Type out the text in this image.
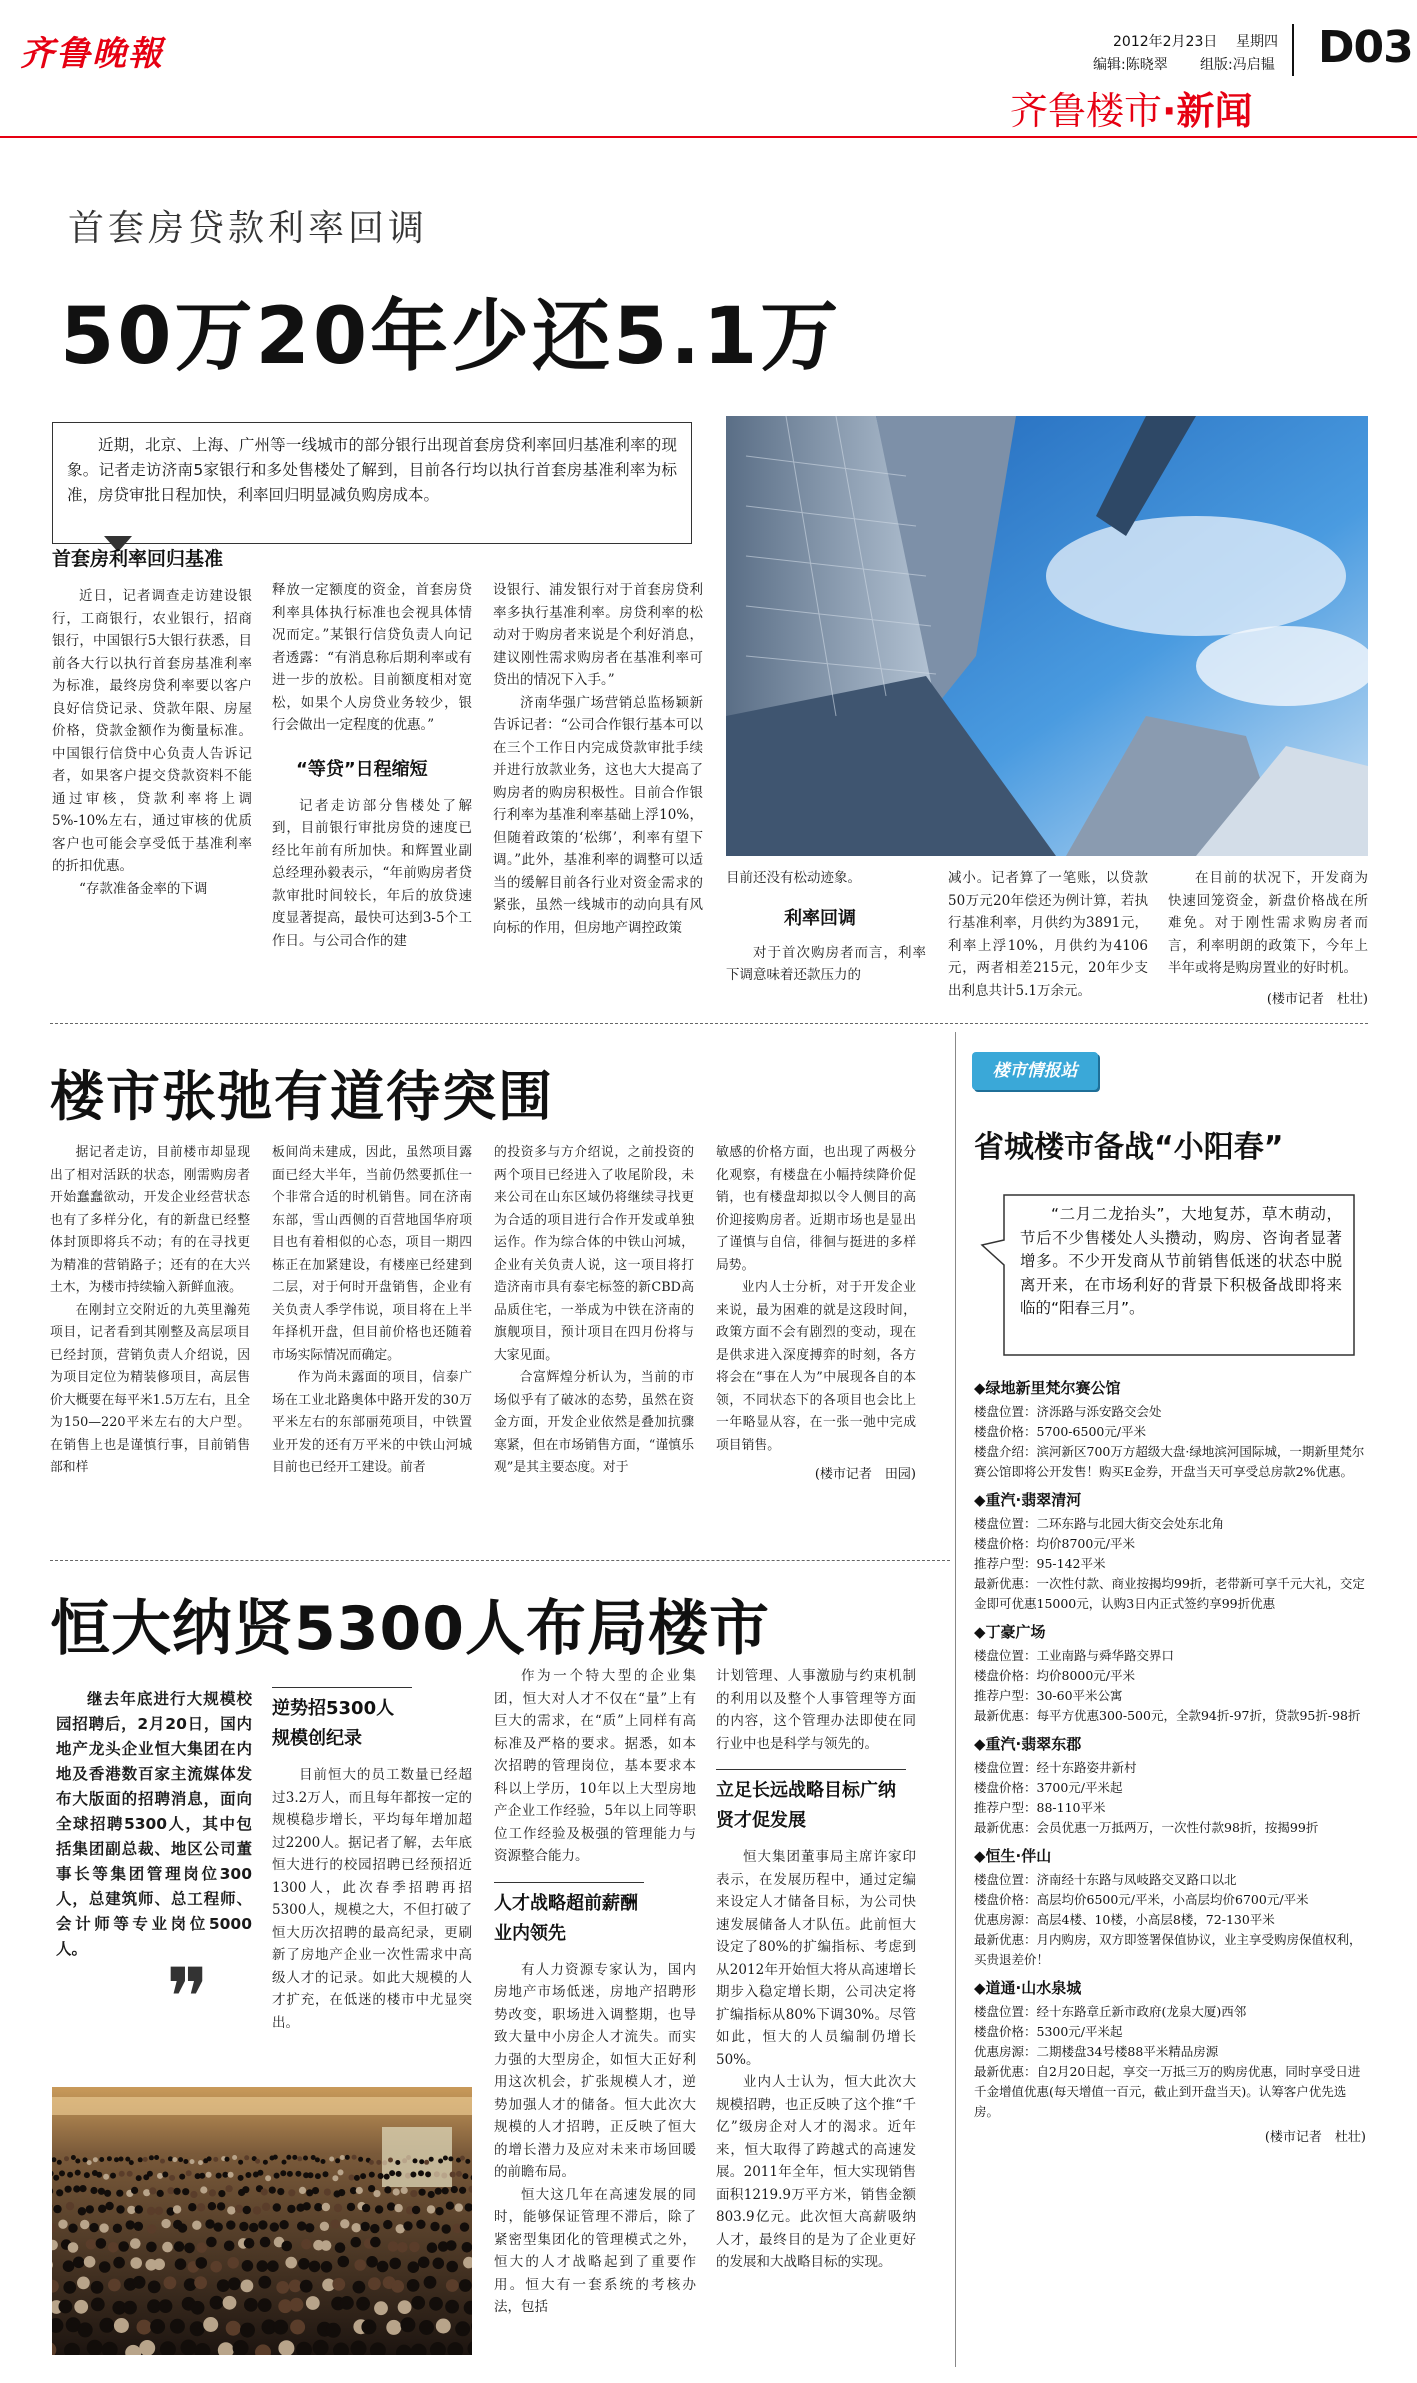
齐鲁晚報	2012年2月23日 星期四
编辑:陈晓翠 组版:冯启韫 D03
齐鲁楼市·新闻
首套房贷款利率回调
50万20年少还5.1万

近期，北京、上海、广州等一线城市的部分银行出现首套房贷利率回归基准利率的现象。记者走访济南5家银行和多处售楼处了解到，目前各行均以执行首套房基准利率为标准，房贷审批日程加快，利率回归明显减负购房成本。

首套房利率回归基准

近日，记者调查走访建设银行，工商银行，农业银行，招商银行，中国银行5大银行获悉，目前各大行以执行首套房基准利率为标准，最终房贷利率要以客户良好信贷记录、贷款年限、房屋价格，贷款金额作为衡量标准。中国银行信贷中心负责人告诉记者，如果客户提交贷款资料不能通过审核，贷款利率将上调5%-10%左右，通过审核的优质客户也可能会享受低于基准利率的折扣优惠。

“存款准备金率的下调

释放一定额度的资金，首套房贷利率具体执行标准也会视具体情况而定。”某银行信贷负责人向记者透露：“有消息称后期利率或有进一步的放松。目前额度相对宽松，如果个人房贷业务较少，银行会做出一定程度的优惠。”

“等贷”日程缩短

记者走访部分售楼处了解到，目前银行审批房贷的速度已经比年前有所加快。和辉置业副总经理孙毅表示，“年前购房者贷款审批时间较长，年后的放贷速度显著提高，最快可达到3-5个工作日。与公司合作的建

设银行、浦发银行对于首套房贷利率多执行基准利率。房贷利率的松动对于购房者来说是个利好消息，建议刚性需求购房者在基准利率可贷出的情况下入手。”

济南华强广场营销总监杨颖新告诉记者：“公司合作银行基本可以在三个工作日内完成贷款审批手续并进行放款业务，这也大大提高了购房者的购房积极性。目前合作银行利率为基准利率基础上浮10%，但随着政策的‘松绑’，利率有望下调。”此外，基准利率的调整可以适当的缓解目前各行业对资金需求的紧张，虽然一线城市的动向具有风向标的作用，但房地产调控政策

目前还没有松动迹象。

利率回调

对于首次购房者而言，利率下调意味着还款压力的

减小。记者算了一笔账，以贷款50万元20年偿还为例计算，若执行基准利率，月供约为3891元，利率上浮10%，月供约为4106元，两者相差215元，20年少支出利息共计5.1万余元。

在目前的状况下，开发商为快速回笼资金，新盘价格战在所难免。对于刚性需求购房者而言，利率明朗的政策下，今年上半年或将是购房置业的好时机。

(楼市记者　杜壮)
楼市张弛有道待突围

据记者走访，目前楼市却显现出了相对活跃的状态，刚需购房者开始蠢蠢欲动，开发企业经营状态也有了多样分化，有的新盘已经整体封顶即将兵不动；有的在寻找更为精准的营销路子；还有的在大兴土木，为楼市持续输入新鲜血液。

在刚封立交附近的九英里瀚苑项目，记者看到其刚整及高层项目已经封顶，营销负责人介绍说，因为项目定位为精装修项目，高层售价大概要在每平米1.5万左右，且全为150—220平米左右的大户型。在销售上也是谨慎行事，目前销售部和样

板间尚未建成，因此，虽然项目露面已经大半年，当前仍然要抓住一个非常合适的时机销售。同在济南东部，雪山西侧的百营地国华府项目也有着相似的心态，项目一期四栋正在加紧建设，有楼座已经建到二层，对于何时开盘销售，企业有关负责人季学伟说，项目将在上半年择机开盘，但目前价格也还随着市场实际情况而确定。

作为尚未露面的项目，信泰广场在工业北路奥体中路开发的30万平米左右的东部丽苑项目，中铁置业开发的还有万平米的中铁山河城目前也已经开工建设。前者

的投资多与方介绍说，之前投资的两个项目已经进入了收尾阶段，未来公司在山东区域仍将继续寻找更为合适的项目进行合作开发或单独运作。作为综合体的中铁山河城，企业有关负责人说，这一项目将打造济南市具有泰宅标签的新CBD高品质住宅，一举成为中铁在济南的旗舰项目，预计项目在四月份将与大家见面。

合富辉煌分析认为，当前的市场似乎有了破冰的态势，虽然在资金方面，开发企业依然是叠加抗骤寒紧，但在市场销售方面，“谨慎乐观”是其主要态度。对于

敏感的价格方面，也出现了两极分化观察，有楼盘在小幅持续降价促销，也有楼盘却拟以令人侧目的高价迎接购房者。近期市场也是显出了谨慎与自信，徘徊与挺进的多样局势。

业内人士分析，对于开发企业来说，最为困难的就是这段时间，政策方面不会有剧烈的变动，现在是供求进入深度搏弈的时刻，各方将会在“事在人为”中展现各自的本领，不同状态下的各项目也会比上一年略显从容，在一张一弛中完成项目销售。

(楼市记者　田园)
恒大纳贤5300人布局楼市

继去年底进行大规模校园招聘后，2月20日，国内地产龙头企业恒大集团在内地及香港数百家主流媒体发布大版面的招聘消息，面向全球招聘5300人，其中包括集团副总裁、地区公司董事长等集团管理岗位300人，总建筑师、总工程师、会计师等专业岗位5000人。

❞
逆势招5300人规模创纪录

目前恒大的员工数量已经超过3.2万人，而且每年都按一定的规模稳步增长，平均每年增加超过2200人。据记者了解，去年底恒大进行的校园招聘已经预招近1300人，此次春季招聘再招5300人，规模之大，不但打破了恒大历次招聘的最高纪录，更刷新了房地产企业一次性需求中高级人才的记录。如此大规模的人才扩充，在低迷的楼市中尤显突出。

作为一个特大型的企业集团，恒大对人才不仅在“量”上有巨大的需求，在“质”上同样有高标准及严格的要求。据悉，如本次招聘的管理岗位，基本要求本科以上学历，10年以上大型房地产企业工作经验，5年以上同等职位工作经验及极强的管理能力与资源整合能力。

人才战略超前薪酬业内领先

有人力资源专家认为，国内房地产市场低迷，房地产招聘形势改变，职场进入调整期，也导致大量中小房企人才流失。而实力强的大型房企，如恒大正好利用这次机会，扩张规模人才，逆势加强人才的储备。恒大此次大规模的人才招聘，正反映了恒大的增长潜力及应对未来市场回暖的前瞻布局。

恒大这几年在高速发展的同时，能够保证管理不滞后，除了紧密型集团化的管理模式之外，恒大的人才战略起到了重要作用。恒大有一套系统的考核办法，包括

计划管理、人事激励与约束机制的利用以及整个人事管理等方面的内容，这个管理办法即使在同行业中也是科学与领先的。

立足长远战略目标广纳贤才促发展

恒大集团董事局主席许家印表示，在发展历程中，通过定编来设定人才储备目标，为公司快速发展储备人才队伍。此前恒大设定了80%的扩编指标、考虑到从2012年开始恒大将从高速增长期步入稳定增长期，公司决定将扩编指标从80%下调30%。尽管如此，恒大的人员编制仍增长50%。

业内人士认为，恒大此次大规模招聘，也正反映了这个推“千亿”级房企对人才的渴求。近年来，恒大取得了跨越式的高速发展。2011年全年，恒大实现销售面积1219.9万平方米，销售金额803.9亿元。此次恒大高薪吸纳人才，最终目的是为了企业更好的发展和大战略目标的实现。

楼市情报站
省城楼市备战“小阳春”

“二月二龙抬头”，大地复苏，草木萌动，节后不少售楼处人头攒动，购房、咨询者显著增多。不少开发商从节前销售低迷的状态中脱离开来，在市场利好的背景下积极备战即将来临的“阳春三月”。

◆绿地新里梵尔赛公馆

楼盘位置：济泺路与泺安路交会处

楼盘价格：5700-6500元/平米

楼盘介绍：滨河新区700万方超级大盘·绿地滨河国际城，一期新里梵尔赛公馆即将公开发售！购买E金券，开盘当天可享受总房款2%优惠。

◆重汽·翡翠清河

楼盘位置：二环东路与北园大街交会处东北角

楼盘价格：均价8700元/平米

推荐户型：95-142平米

最新优惠：一次性付款、商业按揭均99折，老带新可享千元大礼，交定金即可优惠15000元，认购3日内正式签约享99折优惠

◆丁豪广场

楼盘位置：工业南路与舜华路交界口

楼盘价格：均价8000元/平米

推荐户型：30-60平米公寓

最新优惠：每平方优惠300-500元，全款94折-97折，贷款95折-98折

◆重汽·翡翠东郡

楼盘位置：经十东路姿井新村

楼盘价格：3700元/平米起

推荐户型：88-110平米

最新优惠：会员优惠一万抵两万，一次性付款98折，按揭99折

◆恒生·伴山

楼盘位置：济南经十东路与凤岐路交叉路口以北

楼盘价格：高层均价6500元/平米，小高层均价6700元/平米

优惠房源：高层4楼、10楼，小高层8楼，72-130平米

最新优惠：月内购房，双方即签署保值协议，业主享受购房保值权利，买贵退差价！

◆道通·山水泉城

楼盘位置：经十东路章丘新市政府(龙泉大厦)西邻

楼盘价格：5300元/平米起

优惠房源：二期楼盘34号楼88平米精品房源

最新优惠：自2月20日起，享交一万抵三万的购房优惠，同时享受日进千金增值优惠(每天增值一百元，截止到开盘当天)。认筹客户优先选房。

(楼市记者　杜壮)
